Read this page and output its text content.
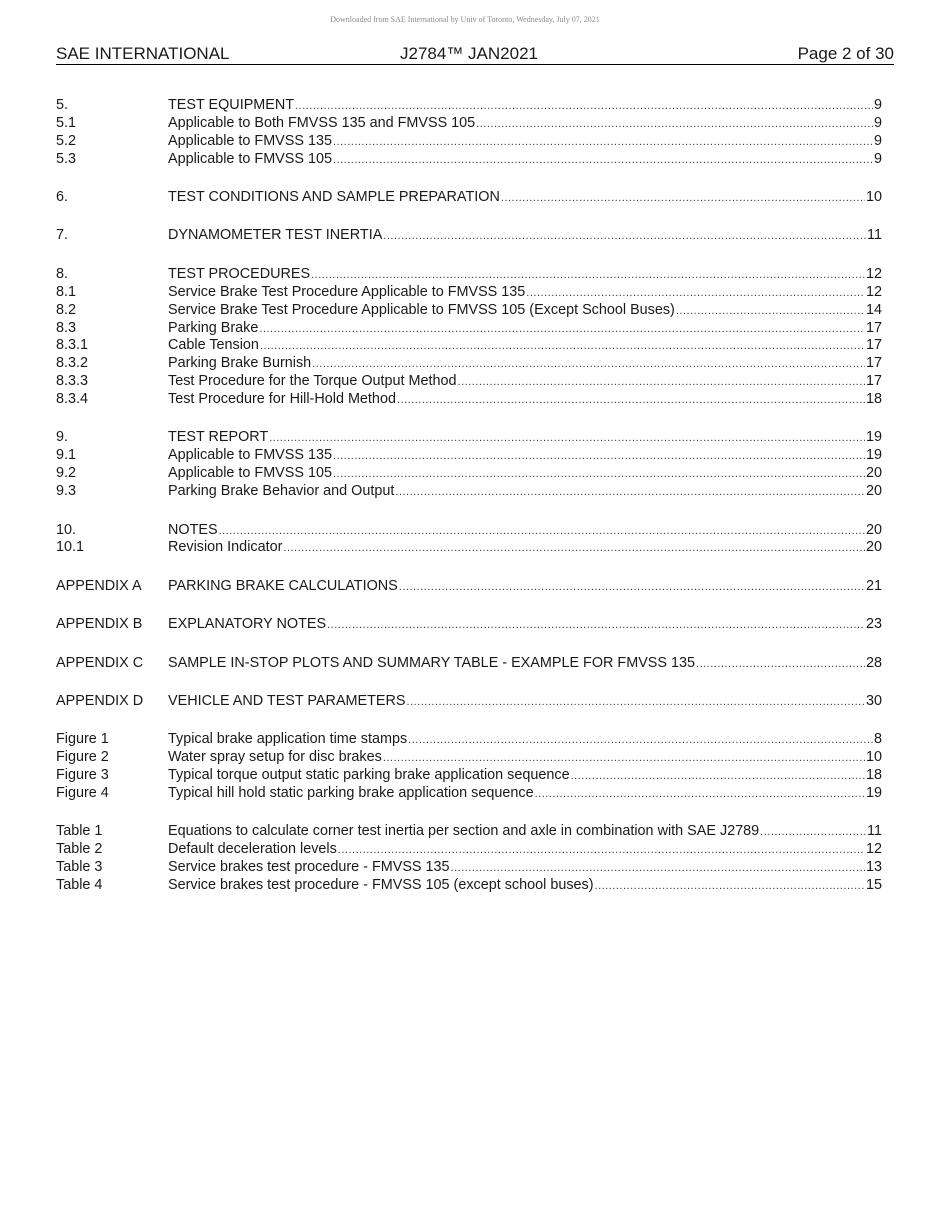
Downloaded from SAE International by Univ of Toronto, Wednesday, July 07, 2021
SAE INTERNATIONAL	J2784™ JAN2021	Page 2 of 30
5.	TEST EQUIPMENT .....	9
5.1	Applicable to Both FMVSS 135 and FMVSS 105 .....	9
5.2	Applicable to FMVSS 135 .....	9
5.3	Applicable to FMVSS 105 .....	9
6.	TEST CONDITIONS AND SAMPLE PREPARATION .....	10
7.	DYNAMOMETER TEST INERTIA .....	11
8.	TEST PROCEDURES .....	12
8.1	Service Brake Test Procedure Applicable to FMVSS 135 .....	12
8.2	Service Brake Test Procedure Applicable to FMVSS 105 (Except School Buses) .....	14
8.3	Parking Brake .....	17
8.3.1	Cable Tension .....	17
8.3.2	Parking Brake Burnish .....	17
8.3.3	Test Procedure for the Torque Output Method .....	17
8.3.4	Test Procedure for Hill-Hold Method .....	18
9.	TEST REPORT .....	19
9.1	Applicable to FMVSS 135 .....	19
9.2	Applicable to FMVSS 105 .....	20
9.3	Parking Brake Behavior and Output .....	20
10.	NOTES .....	20
10.1	Revision Indicator .....	20
APPENDIX A	PARKING BRAKE CALCULATIONS .....	21
APPENDIX B	EXPLANATORY NOTES .....	23
APPENDIX C	SAMPLE IN-STOP PLOTS AND SUMMARY TABLE - EXAMPLE FOR FMVSS 135 .....	28
APPENDIX D	VEHICLE AND TEST PARAMETERS .....	30
Figure 1	Typical brake application time stamps .....	8
Figure 2	Water spray setup for disc brakes .....	10
Figure 3	Typical torque output static parking brake application sequence .....	18
Figure 4	Typical hill hold static parking brake application sequence .....	19
Table 1	Equations to calculate corner test inertia per section and axle in combination with SAE J2789 .....	11
Table 2	Default deceleration levels .....	12
Table 3	Service brakes test procedure - FMVSS 135 .....	13
Table 4	Service brakes test procedure - FMVSS 105 (except school buses) .....	15
